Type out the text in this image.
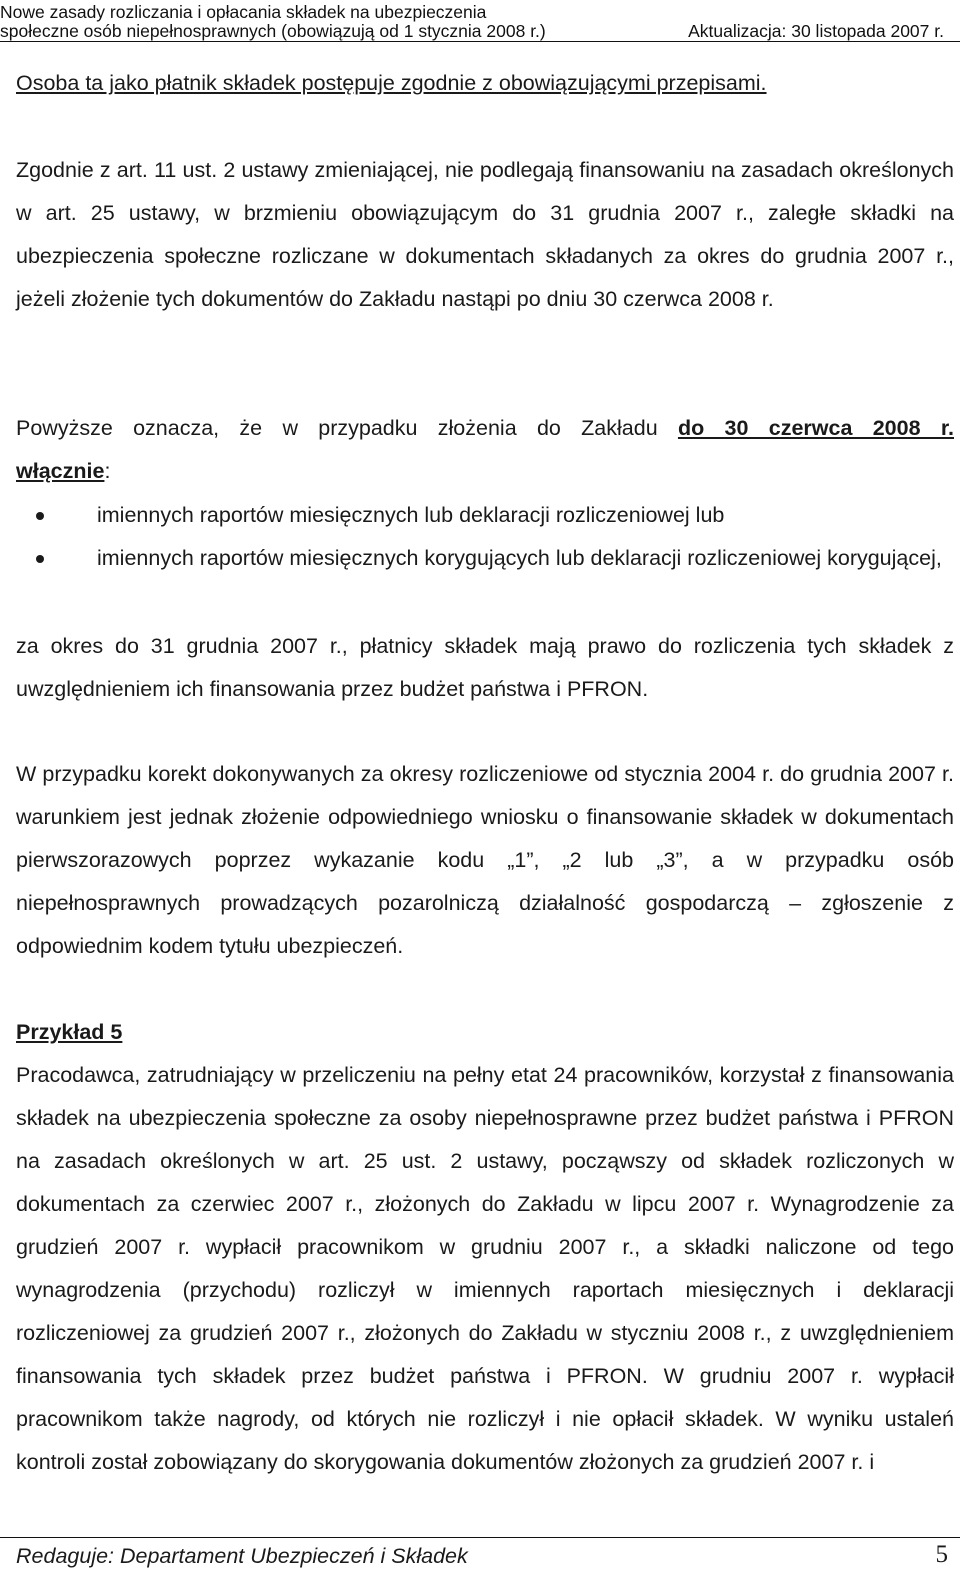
Nowe zasady rozliczania i opłacania składek na ubezpieczenia
społeczne osób niepełnosprawnych (obowiązują od 1 stycznia 2008 r.)	Aktualizacja: 30 listopada 2007 r.
Osoba ta jako płatnik składek postępuje zgodnie z obowiązującymi przepisami.
Zgodnie z art. 11 ust. 2 ustawy zmieniającej, nie podlegają finansowaniu na zasadach określonych w art. 25 ustawy, w brzmieniu obowiązującym do 31 grudnia 2007 r., zaległe składki na ubezpieczenia społeczne rozliczane w dokumentach składanych za okres do grudnia 2007 r., jeżeli złożenie tych dokumentów do Zakładu nastąpi po dniu 30 czerwca 2008 r.
Powyższe oznacza, że w przypadku złożenia do Zakładu do 30 czerwca 2008 r.
włącznie:
imiennych raportów miesięcznych lub deklaracji rozliczeniowej lub
imiennych raportów miesięcznych korygujących lub deklaracji rozliczeniowej korygującej,
za okres do 31 grudnia 2007 r., płatnicy składek mają prawo do rozliczenia tych składek z uwzględnieniem ich finansowania przez budżet państwa i PFRON.
W przypadku korekt dokonywanych za okresy rozliczeniowe od stycznia 2004 r. do grudnia 2007 r. warunkiem jest jednak złożenie odpowiedniego wniosku o finansowanie składek w dokumentach pierwszorazowych poprzez wykazanie kodu „1”, „2 lub „3”, a w przypadku osób niepełnosprawnych prowadzących pozarolniczą działalność gospodarczą – zgłoszenie z odpowiednim kodem tytułu ubezpieczeń.
Przykład 5
Pracodawca, zatrudniający w przeliczeniu na pełny etat 24 pracowników, korzystał z finansowania składek na ubezpieczenia społeczne za osoby niepełnosprawne przez budżet państwa i PFRON na zasadach określonych w art. 25 ust. 2 ustawy, począwszy od składek rozliczonych w dokumentach za czerwiec 2007 r., złożonych do Zakładu w lipcu 2007 r. Wynagrodzenie za grudzień 2007 r. wypłacił pracownikom w grudniu 2007 r., a składki naliczone od tego wynagrodzenia (przychodu) rozliczył w imiennych raportach miesięcznych i deklaracji rozliczeniowej za grudzień 2007 r., złożonych do Zakładu w styczniu 2008 r., z uwzględnieniem finansowania tych składek przez budżet państwa i PFRON. W grudniu 2007 r. wypłacił pracownikom także nagrody, od których nie rozliczył i nie opłacił składek. W wyniku ustaleń kontroli został zobowiązany do skorygowania dokumentów złożonych za grudzień 2007 r. i
Redaguje: Departament Ubezpieczeń i Składek	5
